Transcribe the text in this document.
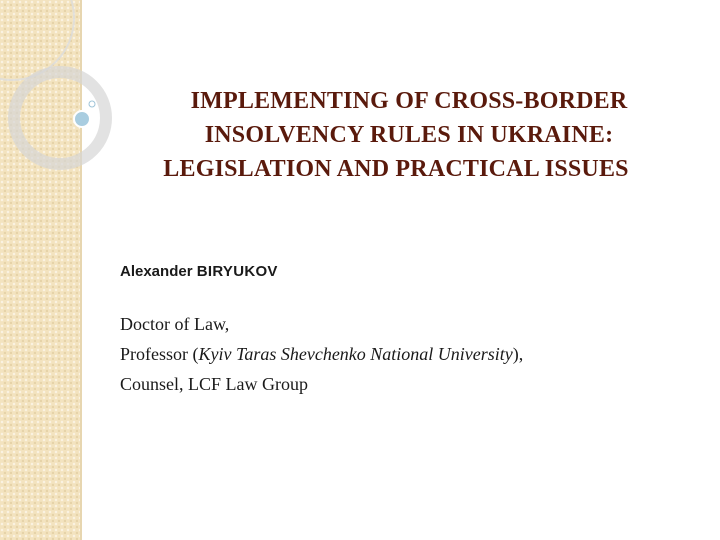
IMPLEMENTING OF CROSS-BORDER
INSOLVENCY RULES IN UKRAINE:
LEGISLATION AND PRACTICAL ISSUES

Alexander BIRYUKOV

Doctor of Law,
Professor (Kyiv Taras Shevchenko National University),
Counsel, LCF Law Group
